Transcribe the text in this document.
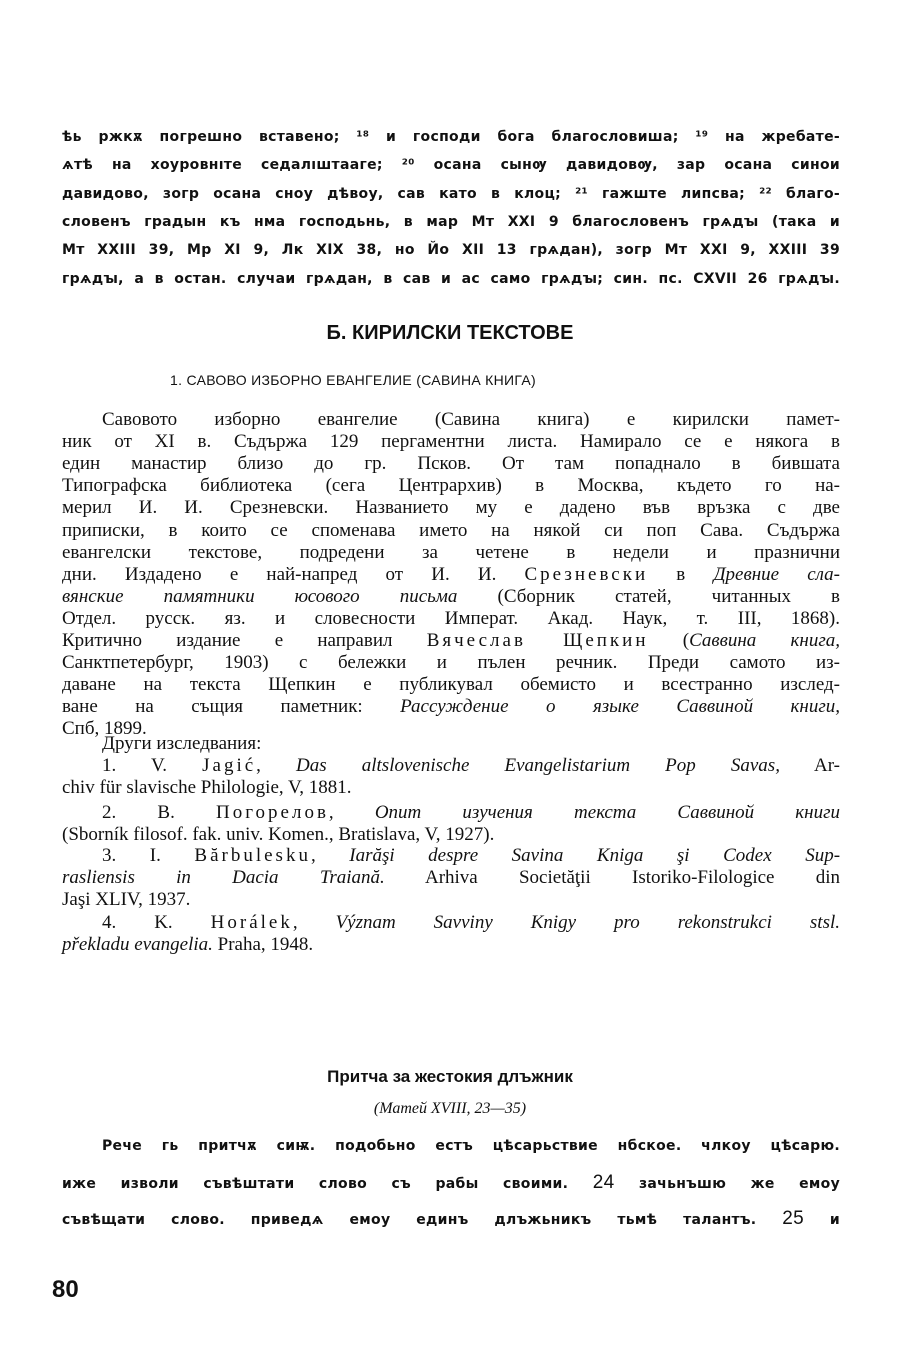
ѣь ржкѫ погрешно вставено; ¹⁸ и господи бога благословиша; ¹⁹ на жребате-
ѧтѣ на хоуровнıте седалıштааге; ²⁰ осана сынѹ давидовѹ, зар осана синои
давидово, зогр осана сноу дѣвоу, сав като в клоц; ²¹ гажште липсва; ²² благо-
словенъ градын къ нма господьнь, в мар Мт XXI 9 благословенъ грѧдꙑ (така и
Мт XXIII 39, Мр XI 9, Лк XIX 38, но Йо XII 13 грѧдан), зогр Мт XXI 9, XXIII 39
грѧдꙑ, а в остан. случаи грѧдан, в сав и ас само грѧдꙑ; син. пс. CXVII 26 грѧдꙑ.
Б. КИРИЛСКИ ТЕКСТОВЕ
1. САВОВО ИЗБОРНО ЕВАНГЕЛИЕ (САВИНА КНИГА)
Савовото изборно евангелие (Савина книга) е кирилски памет-
ник от XI в. Съдържа 129 пергаментни листа. Намирало се е някога в
един манастир близо до гр. Псков. От там попаднало в бившата
Типографска библиотека (сега Центрархив) в Москва, където го на-
мерил И. И. Срезневски. Названието му е дадено във връзка с две
приписки, в които се споменава името на някой си поп Сава. Съдържа
евангелски текстове, подредени за четене в недели и празнични
дни. Издадено е най-напред от И. И. Срезневски в Древние сла-
вянские памятники юсового письма (Сборник статей, читанных в
Отдел. русск. яз. и словесности Императ. Акад. Наук, т. III, 1868).
Критично издание е направил Вячеслав Щепкин (Саввина книга,
Санктпетербург, 1903) с бележки и пълен речник. Преди самото из-
даване на текста Щепкин е публикувал обемисто и всестранно изслед-
ване на същия паметник: Рассуждение о языке Саввиной книги,
Спб, 1899.
Други изследвания:
1. V. Jagić, Das altslovenische Evangelistarium Pop Savas, Ar-
chiv für slavische Philologie, V, 1881.
2. В. Погорелов, Опит изучения текста Саввиной книги
(Sborník filosof. fak. univ. Komen., Bratislava, V, 1927).
3. I. Bărbulesku, Iarăşi despre Savina Kniga şi Codex Sup-
rasliensis in Dacia Traiană. Arhiva Societăţii Istoriko-Filologice din
Jaşi XLIV, 1937.
4. K. Horálek, Význam Savviny Knigy pro rekonstrukci stsl.
překladu evangelia. Praha, 1948.
Притча за жестокия длъжник
(Матей XVIII, 23—35)
Рече гь притчѫ сиѭ. подобьно естъ цѣсарьствие нбское. члкоу цѣсарю.
иже изволи съвѣштати слово съ рабы своими. 24 зачьнъшю же емоу
съвѣщати слово. приведѧ емоу единъ длъжьникъ тьмѣ талантъ. 25 и
80
